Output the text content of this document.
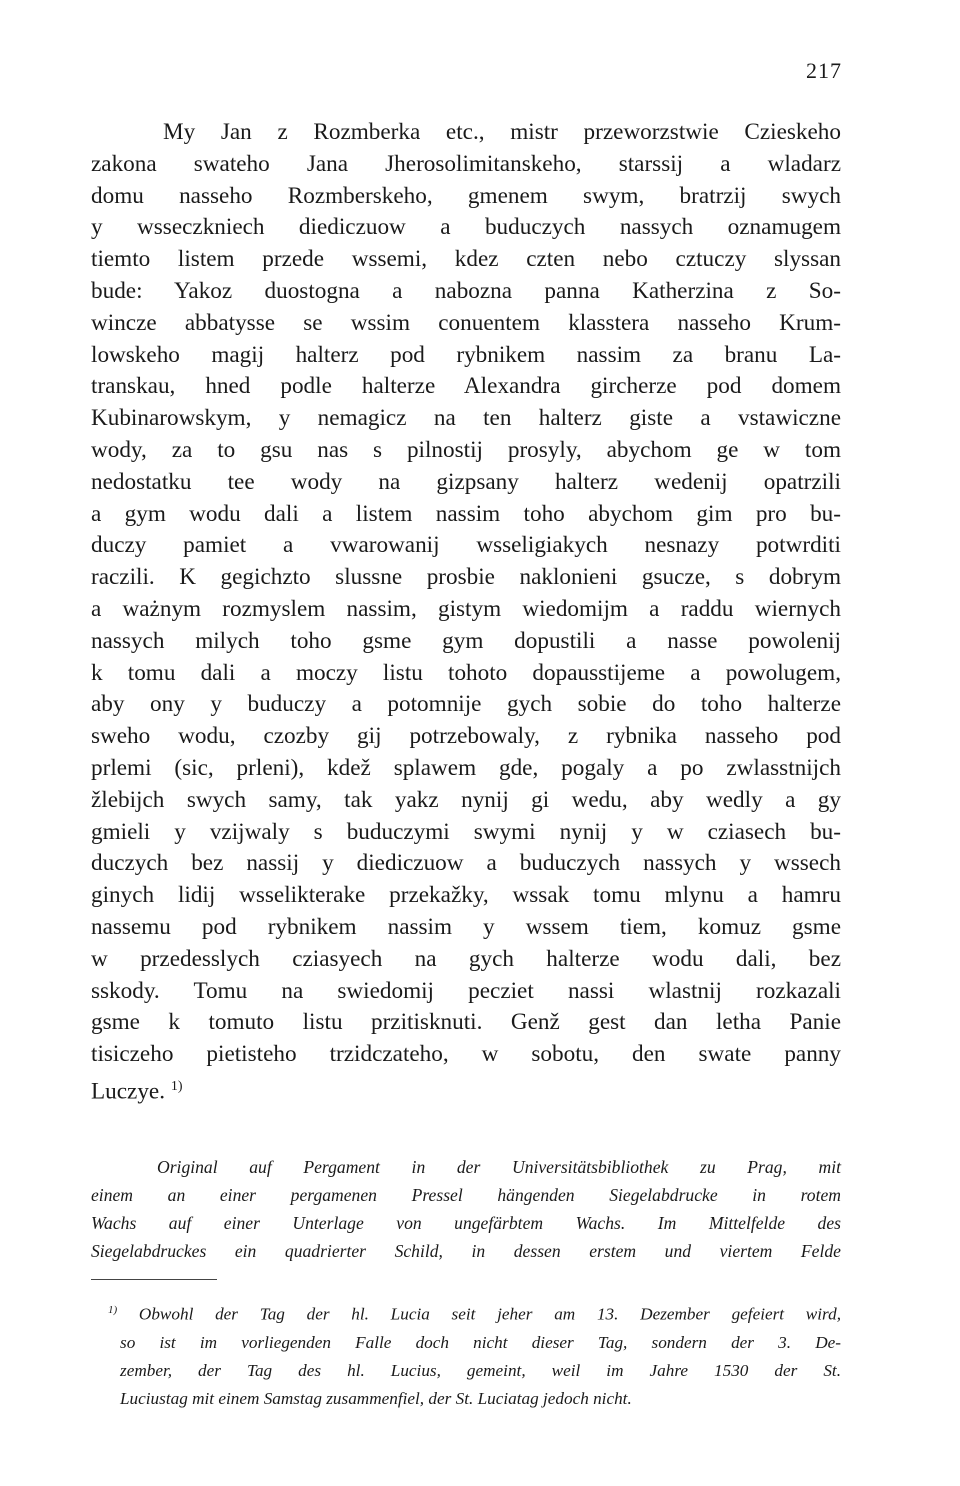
217
My Jan z Rozmberka etc., mistr przeworzstwie Czieskeho
zakona swateho Jana Jherosolimitanskeho, starssij a wladarz
domu nasseho Rozmberskeho, gmenem swym, bratrzij swych
y wsseczkniech diediczuow a buduczych nassych oznamugem
tiemto listem przede wssemi, kdez czten nebo cztuczy slyssan
bude: Yakoz duostogna a nabozna panna Katherzina z So-
wincze abbatysse se wssim conuentem klasstera nasseho Krum-
lowskeho magij halterz pod rybnikem nassim za branu La-
transkau, hned podle halterze Alexandra gircherze pod domem
Kubinarowskym, y nemagicz na ten halterz giste a vstawiczne
wody, za to gsu nas s pilnostij prosyly, abychom ge w tom
nedostatku tee wody na gizpsany halterz wedenij opatrzili
a gym wodu dali a listem nassim toho abychom gim pro bu-
duczy pamiet a vwarowanij wsseligiakych nesnazy potwrditi
raczili. K gegichzto slussne prosbie naklonieni gsucze, s dobrym
a ważnym rozmyslem nassim, gistym wiedomijm a raddu wiernych
nassych milych toho gsme gym dopustili a nasse powolenij
k tomu dali a moczy listu tohoto dopausstijeme a powolugem,
aby ony y buduczy a potomnije gych sobie do toho halterze
sweho wodu, czozby gij potrzebowaly, z rybnika nasseho pod
prlemi (sic, prleni), kdež splawem gde, pogaly a po zwlasstnijch
žlebijch swych samy, tak yakz nynij gi wedu, aby wedly a gy
gmieli y vzijwaly s buduczymi swymi nynij y w cziasech bu-
duczych bez nassij y diediczuow a buduczych nassych y wssech
ginych lidij wsselikterake przekažky, wssak tomu mlynu a hamru
nassemu pod rybnikem nassim y wssem tiem, komuz gsme
w przedesslych cziasyech na gych halterze wodu dali, bez
sskody. Tomu na swiedomij pecziet nassi wlastnij rozkazali
gsme k tomuto listu przitisknuti. Genž gest dan letha Panie
tisiczeho pietisteho trzidczateho, w sobotu, den swate panny
Luczye. $^{1)}$
Original auf Pergament in der Universitätsbibliothek zu Prag, mit
einem an einer pergamenen Pressel hängenden Siegelabdrucke in rotem
Wachs auf einer Unterlage von ungefärbtem Wachs. Im Mittelfelde des
Siegelabdruckes ein quadrierter Schild, in dessen erstem und viertem Felde
$^{1)}$ Obwohl der Tag der hl. Lucia seit jeher am 13. Dezember gefeiert wird,
so ist im vorliegenden Falle doch nicht dieser Tag, sondern der 3. De-
zember, der Tag des hl. Lucius, gemeint, weil im Jahre 1530 der St.
Luciustag mit einem Samstag zusammenfiel, der St. Luciatag jedoch nicht.
